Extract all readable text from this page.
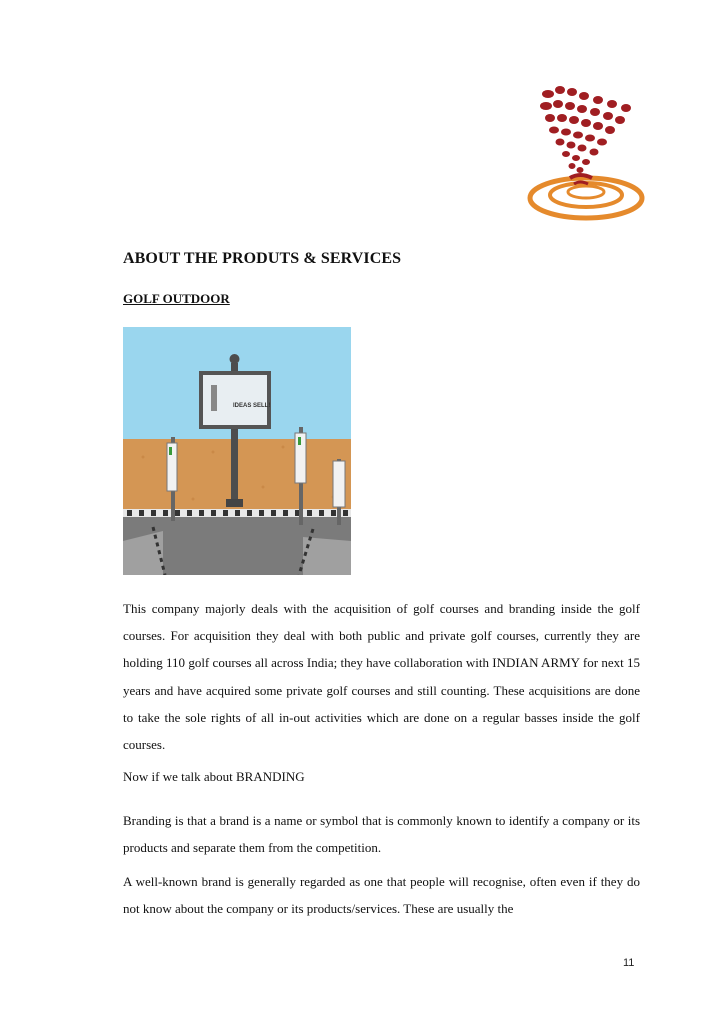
ABOUT THE PRODUTS & SERVICES
GOLF OUTDOOR
IDEAS SELL!

This company majorly deals with the acquisition of golf courses and branding inside the golf courses. For acquisition they deal with both public and private golf courses, currently they are holding 110 golf courses all across India; they have collaboration with INDIAN ARMY for next 15 years and have acquired some private golf courses and still counting. These acquisitions are done to take the sole rights of all in-out activities which are done on a regular basses inside the golf courses.

Now if we talk about BRANDING

Branding is that a brand is a name or symbol that is commonly known to identify a company or its products and separate them from the competition.

A well-known brand is generally regarded as one that people will recognise, often even if they do not know about the company or its products/services. These are usually the

11
